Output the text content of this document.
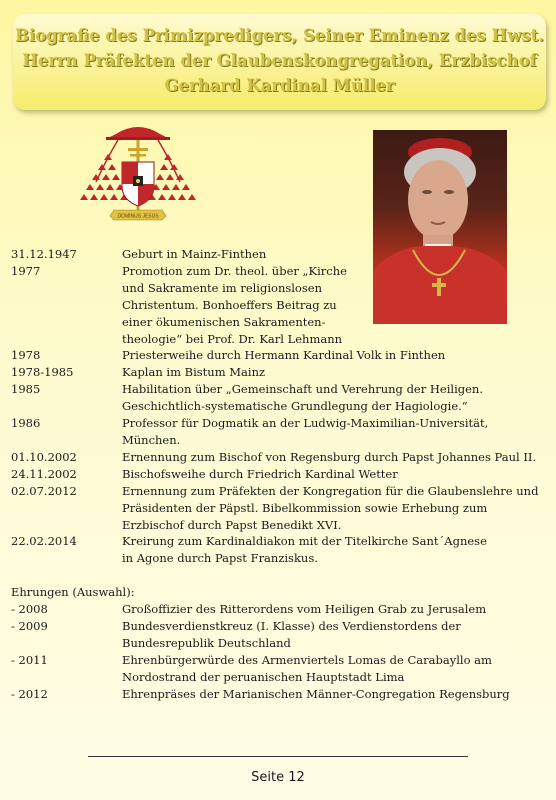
Biografie des Primizpredigers, Seiner Eminenz des Hwst.
Herrn Präfekten der Glaubenskongregation, Erzbischof
Gerhard Kardinal Müller
DOMINUS JESUS
31.12.1947	Geburt in Mainz-Finthen
1977	Promotion zum Dr. theol. über „Kirche
und Sakramente im religionslosen
Christentum. Bonhoeffers Beitrag zu
einer ökumenischen Sakramenten-
theologie“ bei Prof. Dr. Karl Lehmann
1978	Priesterweihe durch Hermann Kardinal Volk in Finthen
1978-1985	Kaplan im Bistum Mainz
1985	Habilitation über „Gemeinschaft und Verehrung der Heiligen.
Geschichtlich-systematische Grundlegung der Hagiologie.“
1986	Professor für Dogmatik an der Ludwig-Maximilian-Universität,
München.
01.10.2002	Ernennung zum Bischof von Regensburg durch Papst Johannes Paul II.
24.11.2002	Bischofsweihe durch Friedrich Kardinal Wetter
02.07.2012	Ernennung zum Präfekten der Kongregation für die Glaubenslehre und
Präsidenten der Päpstl. Bibelkommission sowie Erhebung zum
Erzbischof durch Papst Benedikt XVI.
22.02.2014	Kreirung zum Kardinaldiakon mit der Titelkirche Sant´Agnese
in Agone durch Papst Franziskus.
Ehrungen (Auswahl):
- 2008	Großoffizier des Ritterordens vom Heiligen Grab zu Jerusalem
- 2009	Bundesverdienstkreuz (I. Klasse) des Verdienstordens der
Bundesrepublik Deutschland
- 2011	Ehrenbürgerwürde des Armenviertels Lomas de Carabayllo am
Nordostrand der peruanischen Hauptstadt Lima
- 2012	Ehrenpräses der Marianischen Männer-Congregation Regensburg
Seite 12
